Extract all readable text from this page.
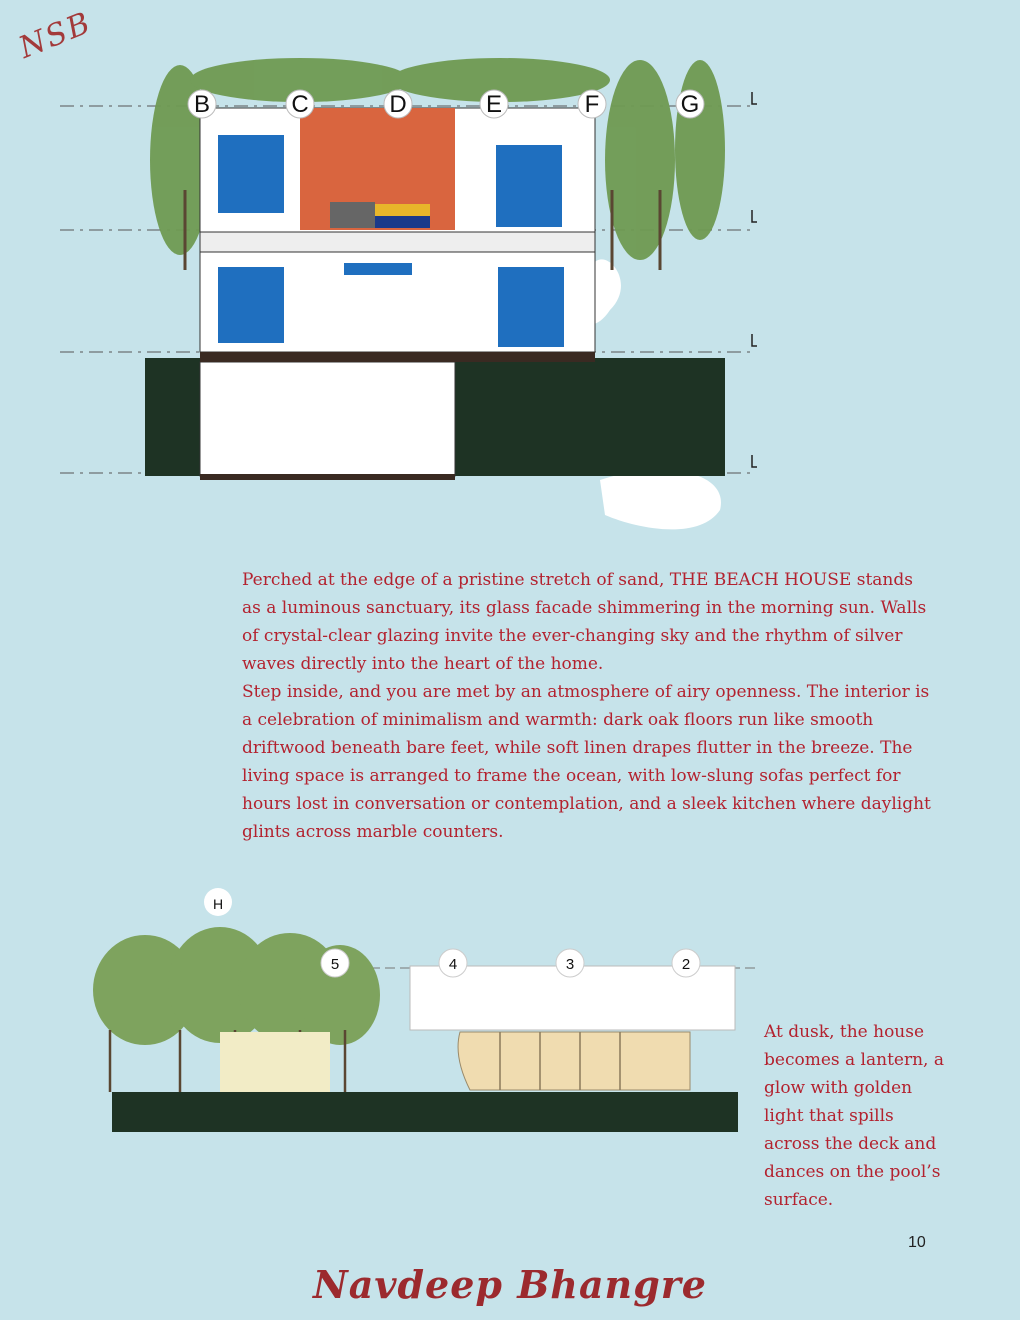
NSB
B	C	D	E	F	G

Perched at the edge of a pristine stretch of sand, THE BEACH HOUSE stands as a luminous sanctuary, its glass facade shimmering in the morning sun. Walls of crystal-clear glazing invite the ever-changing sky and the rhythm of silver waves directly into the heart of the home.

Step inside, and you are met by an atmosphere of airy openness. The interior is a celebration of minimalism and warmth: dark oak floors run like smooth driftwood beneath bare feet, while soft linen drapes flutter in the breeze. The living space is arranged to frame the ocean, with low-slung sofas perfect for hours lost in conversation or contemplation, and a sleek kitchen where daylight glints across marble counters.

H
5	4	3	2
At dusk, the house becomes a lantern, a glow with golden light that spills across the deck and dances on the pool’s surface.
10
Navdeep Bhangre
